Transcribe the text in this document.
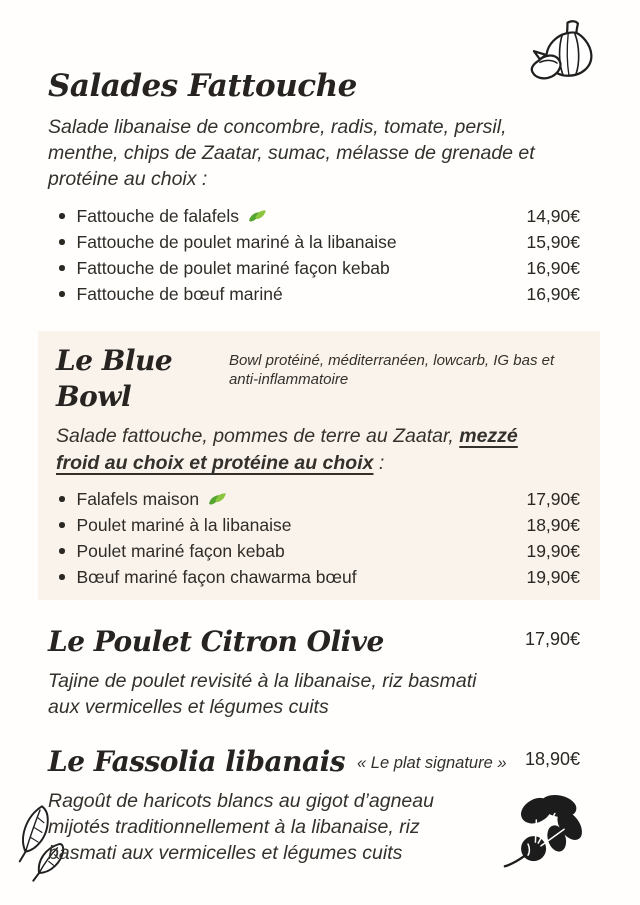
Salades Fattouche

Salade libanaise de concombre, radis, tomate, persil,
menthe, chips de Zaatar, sumac, mélasse de grenade et
protéine au choix :

Fattouche de falafels	14,90€
Fattouche de poulet mariné à la libanaise	15,90€
Fattouche de poulet mariné façon kebab	16,90€
Fattouche de bœuf mariné	16,90€
Le Blue Bowl

Bowl protéiné, méditerranéen, lowcarb, IG bas et anti-inflammatoire

Salade fattouche, pommes de terre au Zaatar, mezzé
froid au choix et protéine au choix :

Falafels maison	17,90€
Poulet mariné à la libanaise	18,90€
Poulet mariné façon kebab	19,90€
Bœuf mariné façon chawarma bœuf	19,90€
Le Poulet Citron Olive	17,90€

Tajine de poulet revisité à la libanaise, riz basmati
aux vermicelles et légumes cuits

Le Fassolia libanais « Le plat signature » 18,90€

Ragoût de haricots blancs au gigot d’agneau
mijotés traditionnellement à la libanaise, riz
basmati aux vermicelles et légumes cuits
